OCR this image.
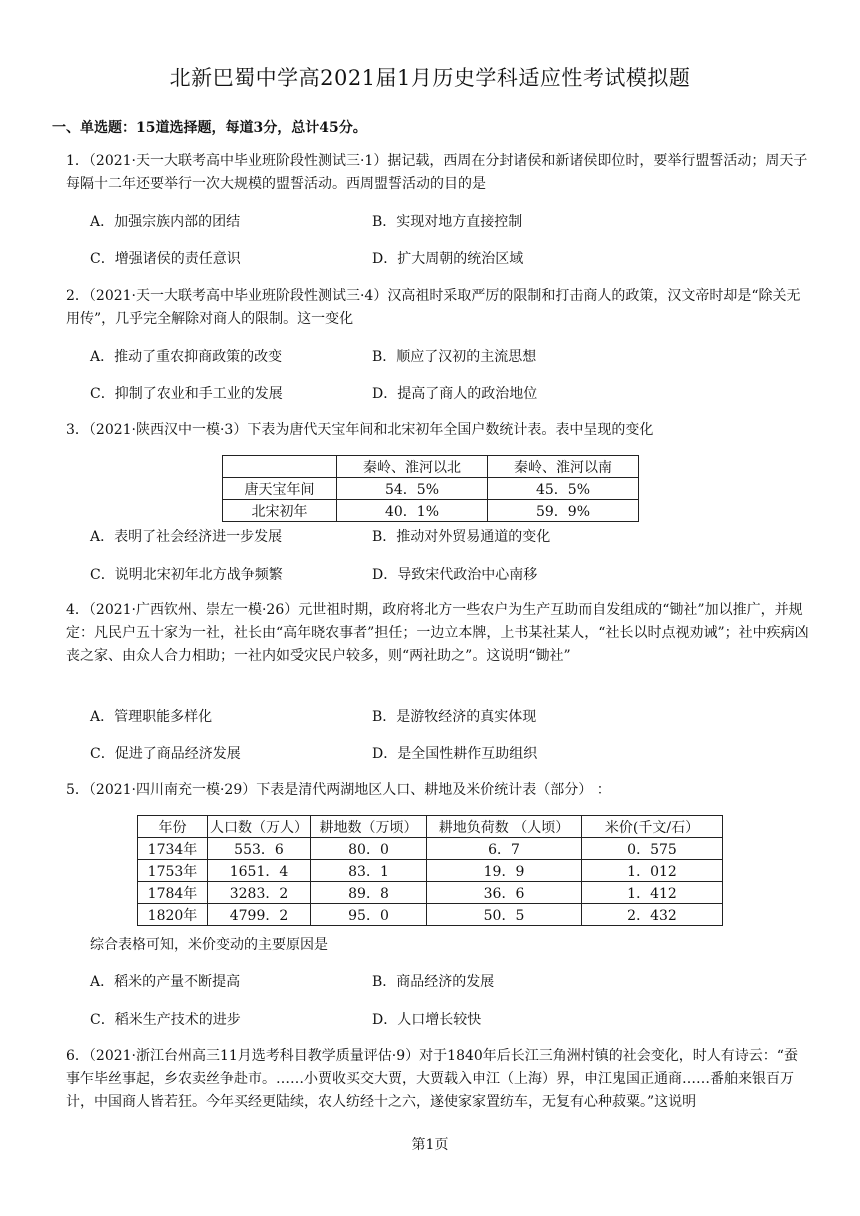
北新巴蜀中学高2021届1月历史学科适应性考试模拟题
一、单选题：15道选择题，每道3分，总计45分。
1．（2021·天一大联考高中毕业班阶段性测试三·1）据记载，西周在分封诸侯和新诸侯即位时，要举行盟誓活动；周天子每隔十二年还要举行一次大规模的盟誓活动。西周盟誓活动的目的是
A．加强宗族内部的团结	B．实现对地方直接控制
C．增强诸侯的责任意识	D．扩大周朝的统治区域
2．（2021·天一大联考高中毕业班阶段性测试三·4）汉高祖时采取严厉的限制和打击商人的政策，汉文帝时却是“除关无用传”，几乎完全解除对商人的限制。这一变化
A．推动了重农抑商政策的改变	B．顺应了汉初的主流思想
C．抑制了农业和手工业的发展	D．提高了商人的政治地位
3．（2021·陕西汉中一模·3）下表为唐代天宝年间和北宋初年全国户数统计表。表中呈现的变化
	秦岭、淮河以北	秦岭、淮河以南
唐天宝年间	54．5%	45．5%
北宋初年	40．1%	59．9%
A．表明了社会经济进一步发展	B．推动对外贸易通道的变化
C．说明北宋初年北方战争频繁	D．导致宋代政治中心南移
4．（2021·广西钦州、崇左一模·26）元世祖时期，政府将北方一些农户为生产互助而自发组成的“锄社”加以推广，并规定：凡民户五十家为一社，社长由“高年晓农事者”担任；一边立本牌，上书某社某人，“社长以时点视劝诫”；社中疾病凶丧之家、由众人合力相助；一社内如受灾民户较多，则“两社助之”。这说明“锄社”
A．管理职能多样化	B．是游牧经济的真实体现
C．促进了商品经济发展	D．是全国性耕作互助组织
5．（2021·四川南充一模·29）下表是清代两湖地区人口、耕地及米价统计表（部分） ：
年份	人口数（万人）	耕地数（万顷）	耕地负荷数 （人顷）	米价(千文/石）
1734年	553．6	80．0	6．7	0．575
1753年	1651．4	83．1	19．9	1．012
1784年	3283．2	89．8	36．6	1．412
1820年	4799．2	95．0	50．5	2．432
综合表格可知，米价变动的主要原因是
A．稻米的产量不断提高	B．商品经济的发展
C．稻米生产技术的进步	D．人口增长较快
6．（2021·浙江台州高三11月选考科目教学质量评估·9）对于1840年后长江三角洲村镇的社会变化，时人有诗云：“蚕事乍毕丝事起，乡农卖丝争赴市。……小贾收买交大贾，大贾载入申江（上海）界，申江鬼国正通商……番舶来银百万计，中国商人皆若狂。今年买经更陆续，农人纺经十之六，遂使家家置纺车，无复有心种菽粟。”这说明
第1页
